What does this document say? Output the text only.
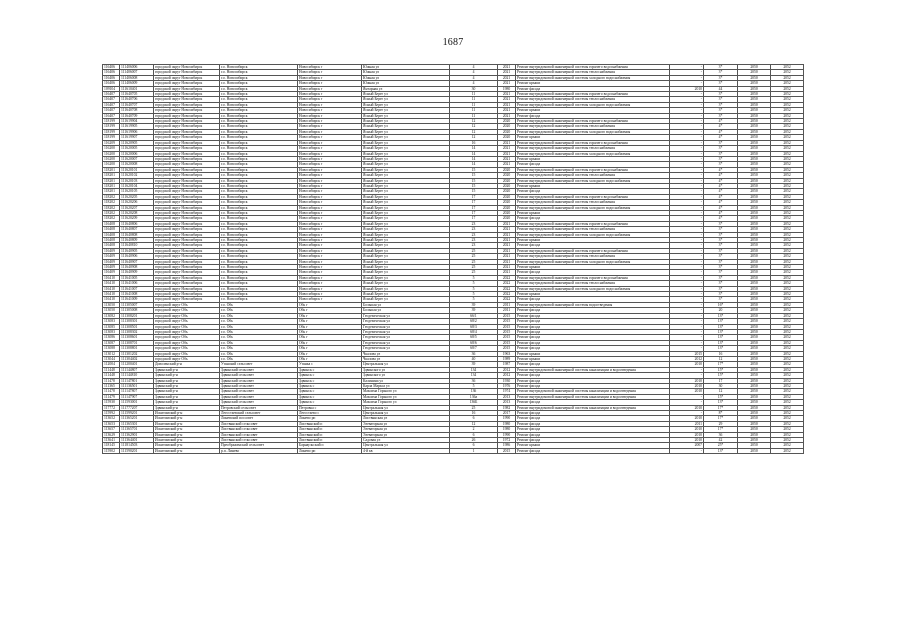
1687
116406	111406006	городской округ Новосибирск	г.о. Новосибирск	Новосибирск г	Южная ул	4	2021	Ремонт внутридомовой инженерной системы горячего водоснабжения	-	3*	2050	2052
116406	111406007	городской округ Новосибирск	г.о. Новосибирск	Новосибирск г	Южная ул	4	2021	Ремонт внутридомовой инженерной системы теплоснабжения	-	3*	2050	2052
116406	111406008	городской округ Новосибирск	г.о. Новосибирск	Новосибирск г	Южная ул	4	2021	Ремонт внутридомовой инженерной системы холодного водоснабжения	-	3*	2050	2052
116406	111406009	городской округ Новосибирск	г.о. Новосибирск	Новосибирск г	Южная ул	4	2021	Ремонт крыши	-	3*	2050	2052
109104	111610401	городской округ Новосибирск	г.о. Новосибирск	Новосибирск г	Янтарная ул	30	1980	Ремонт фасада	2010	44	2050	2052
116407	111640705	городской округ Новосибирск	г.о. Новосибирск	Новосибирск г	Ясный Берег ул	11	2021	Ремонт внутридомовой инженерной системы горячего водоснабжения	-	3*	2050	2052
116407	111640706	городской округ Новосибирск	г.о. Новосибирск	Новосибирск г	Ясный Берег ул	11	2021	Ремонт внутридомовой инженерной системы теплоснабжения	-	3*	2050	2052
116407	111640707	городской округ Новосибирск	г.о. Новосибирск	Новосибирск г	Ясный Берег ул	11	2021	Ремонт внутридомовой инженерной системы холодного водоснабжения	-	3*	2050	2052
116407	111640708	городской округ Новосибирск	г.о. Новосибирск	Новосибирск г	Ясный Берег ул	11	2021	Ремонт крыши	-	3*	2050	2052
116407	111640709	городской округ Новосибирск	г.о. Новосибирск	Новосибирск г	Ясный Берег ул	11	2021	Ремонт фасада	-	3*	2050	2052
118199	111619904	городской округ Новосибирск	г.о. Новосибирск	Новосибирск г	Ясный Берег ул	12	2020	Ремонт внутридомовой инженерной системы горячего водоснабжения	-	4*	2050	2052
118199	111619905	городской округ Новосибирск	г.о. Новосибирск	Новосибирск г	Ясный Берег ул	12	2020	Ремонт внутридомовой инженерной системы теплоснабжения	-	4*	2050	2052
118199	111619906	городской округ Новосибирск	г.о. Новосибирск	Новосибирск г	Ясный Берег ул	12	2020	Ремонт внутридомовой инженерной системы холодного водоснабжения	-	4*	2050	2052
118199	111619907	городской округ Новосибирск	г.о. Новосибирск	Новосибирск г	Ясный Берег ул	12	2020	Ремонт крыши	-	4*	2050	2052
116209	111620905	городской округ Новосибирск	г.о. Новосибирск	Новосибирск г	Ясный Берег ул	16	2021	Ремонт внутридомовой инженерной системы горячего водоснабжения	-	3*	2050	2052
116200	111620005	городской округ Новосибирск	г.о. Новосибирск	Новосибирск г	Ясный Берег ул	14	2021	Ремонт внутридомовой инженерной системы теплоснабжения	-	3*	2050	2052
116200	111620006	городской округ Новосибирск	г.о. Новосибирск	Новосибирск г	Ясный Берег ул	14	2021	Ремонт внутридомовой инженерной системы холодного водоснабжения	-	3*	2050	2052
116200	111620007	городской округ Новосибирск	г.о. Новосибирск	Новосибирск г	Ясный Берег ул	14	2021	Ремонт крыши	-	3*	2050	2052
116200	111620008	городской округ Новосибирск	г.о. Новосибирск	Новосибирск г	Ясный Берег ул	14	2021	Ремонт фасада	-	3*	2050	2052
118201	111620101	городской округ Новосибирск	г.о. Новосибирск	Новосибирск г	Ясный Берег ул	15	2020	Ремонт внутридомовой инженерной системы горячего водоснабжения	-	4*	2050	2052
118201	111620102	городской округ Новосибирск	г.о. Новосибирск	Новосибирск г	Ясный Берег ул	15	2020	Ремонт внутридомовой инженерной системы теплоснабжения	-	4*	2050	2052
118201	111620103	городской округ Новосибирск	г.о. Новосибирск	Новосибирск г	Ясный Берег ул	15	2020	Ремонт внутридомовой инженерной системы холодного водоснабжения	-	4*	2050	2052
118201	111620104	городской округ Новосибирск	г.о. Новосибирск	Новосибирск г	Ясный Берег ул	15	2020	Ремонт крыши	-	4*	2050	2052
118201	111620105	городской округ Новосибирск	г.о. Новосибирск	Новосибирск г	Ясный Берег ул	15	2020	Ремонт фасада	-	4*	2050	2052
118202	111620205	городской округ Новосибирск	г.о. Новосибирск	Новосибирск г	Ясный Берег ул	17	2020	Ремонт внутридомовой инженерной системы горячего водоснабжения	-	4*	2050	2052
118202	111620206	городской округ Новосибирск	г.о. Новосибирск	Новосибирск г	Ясный Берег ул	17	2020	Ремонт внутридомовой инженерной системы теплоснабжения	-	4*	2050	2052
118202	111620207	городской округ Новосибирск	г.о. Новосибирск	Новосибирск г	Ясный Берег ул	17	2020	Ремонт внутридомовой инженерной системы холодного водоснабжения	-	4*	2050	2052
118202	111620208	городской округ Новосибирск	г.о. Новосибирск	Новосибирск г	Ясный Берег ул	17	2020	Ремонт крыши	-	4*	2050	2052
118202	111620209	городской округ Новосибирск	г.о. Новосибирск	Новосибирск г	Ясный Берег ул	17	2020	Ремонт фасада	-	4*	2050	2052
116408	111640806	городской округ Новосибирск	г.о. Новосибирск	Новосибирск г	Ясный Берег ул	23	2021	Ремонт внутридомовой инженерной системы горячего водоснабжения	-	3*	2050	2052
116408	111640807	городской округ Новосибирск	г.о. Новосибирск	Новосибирск г	Ясный Берег ул	23	2021	Ремонт внутридомовой инженерной системы теплоснабжения	-	3*	2050	2052
116408	111640808	городской округ Новосибирск	г.о. Новосибирск	Новосибирск г	Ясный Берег ул	23	2021	Ремонт внутридомовой инженерной системы холодного водоснабжения	-	3*	2050	2052
116408	111640809	городской округ Новосибирск	г.о. Новосибирск	Новосибирск г	Ясный Берег ул	23	2021	Ремонт крыши	-	3*	2050	2052
116408	111640810	городской округ Новосибирск	г.о. Новосибирск	Новосибирск г	Ясный Берег ул	23	2021	Ремонт фасада	-	3*	2050	2052
116409	111640905	городской округ Новосибирск	г.о. Новосибирск	Новосибирск г	Ясный Берег ул	25	2021	Ремонт внутридомовой инженерной системы горячего водоснабжения	-	3*	2050	2052
116409	111640906	городской округ Новосибирск	г.о. Новосибирск	Новосибирск г	Ясный Берег ул	25	2021	Ремонт внутридомовой инженерной системы теплоснабжения	-	3*	2050	2052
116409	111640907	городской округ Новосибирск	г.о. Новосибирск	Новосибирск г	Ясный Берег ул	25	2021	Ремонт внутридомовой инженерной системы холодного водоснабжения	-	3*	2050	2052
116409	111640908	городской округ Новосибирск	г.о. Новосибирск	Новосибирск г	Ясный Берег ул	25	2021	Ремонт крыши	-	3*	2050	2052
116409	111640909	городской округ Новосибирск	г.о. Новосибирск	Новосибирск г	Ясный Берег ул	25	2021	Ремонт фасада	-	3*	2050	2052
116410	111641005	городской округ Новосибирск	г.о. Новосибирск	Новосибирск г	Ясный Берег ул	5	2022	Ремонт внутридомовой инженерной системы горячего водоснабжения	-	3*	2050	2052
116410	111641006	городской округ Новосибирск	г.о. Новосибирск	Новосибирск г	Ясный Берег ул	5	2022	Ремонт внутридомовой инженерной системы теплоснабжения	-	3*	2050	2052
116410	111641007	городской округ Новосибирск	г.о. Новосибирск	Новосибирск г	Ясный Берег ул	5	2022	Ремонт внутридомовой инженерной системы холодного водоснабжения	-	3*	2050	2052
116410	111641008	городской округ Новосибирск	г.о. Новосибирск	Новосибирск г	Ясный Берег ул	5	2022	Ремонт крыши	-	3*	2050	2052
116410	111641009	городской округ Новосибирск	г.о. Новосибирск	Новосибирск г	Ясный Берег ул	5	2022	Ремонт фасада	-	3*	2050	2052
113050	111305007	городской округ Обь	г.о. Обь	Обь г	Большая ул	39	2011	Ремонт внутридомовой инженерной системы водоотведения	-	16*	2050	2052
113050	111305008	городской округ Обь	г.о. Обь	Обь г	Большая ул	39	2011	Ремонт фасада	-	20	2050	2052
113082	111308201	городской округ Обь	г.о. Обь	Обь г	Геодезическая ул	66/1	2015	Ремонт фасада	-	13*	2050	2052
113083	111308301	городской округ Обь	г.о. Обь	Обь г	Геодезическая ул	68/2	2015	Ремонт фасада	-	13*	2050	2052
113085	111308501	городской округ Обь	г.о. Обь	Обь г	Геодезическая ул	68/3	2015	Ремонт фасада	-	13*	2050	2052
113083	111308302	городской округ Обь	г.о. Обь	Обь г	Геодезическая ул	68/4	2015	Ремонт фасада	-	13*	2050	2052
113086	111308601	городской округ Обь	г.о. Обь	Обь г	Геодезическая ул	68/5	2015	Ремонт фасада	-	13*	2050	2052
113087	111308701	городской округ Обь	г.о. Обь	Обь г	Геодезическая ул	68/6	2015	Ремонт фасада	-	13*	2050	2052
113088	111308801	городской округ Обь	г.о. Обь	Обь г	Геодезическая ул	68/7	2015	Ремонт фасада	-	13*	2050	2052
113012	111301202	городской округ Обь	г.о. Обь	Обь г	Чкалова ул	36	1963	Ремонт крыши	2015	16	2050	2052
113044	111304402	городской округ Обь	г.о. Обь	Обь г	Чкалова ул	40	1989	Ремонт крыши	2012	12	2050	2052
112004	111200401	Доволенский р-н	Утянский сельсовет	Утянка с	Центральная ул	39	1987	Ремонт фасада	2010	17*	2050	2052
111448	111144807	Здвинский р-н	Здвинский сельсовет	Здвинск с	Здвинского ул	134	2012	Ремонт внутридомовой инженерной системы канализации и водоотведения	-	15*	2050	2052
111448	111144810	Здвинский р-н	Здвинский сельсовет	Здвинск с	Здвинского ул	134	2012	Ремонт фасада	-	15*	2050	2052
111478	111147801	Здвинский р-н	Здвинский сельсовет	Здвинск с	Калинина ул	36	1930	Ремонт фасада	2010	17	2050	2052
111365	111136501	Здвинский р-н	Здвинский сельсовет	Здвинск с	Карла Маркса ул	5	1976	Ремонт фасада	2010	30	2050	2052
111478	111147807	Здвинский р-н	Здвинский сельсовет	Здвинск с	Максима Горького ул	136	1974	Ремонт внутридомовой инженерной системы канализации и водоотведения	2010	12	2050	2052
111479	111147907	Здвинский р-н	Здвинский сельсовет	Здвинск с	Максима Горького ул	136а	2013	Ремонт внутридомовой инженерной системы канализации и водоотведения	-	15*	2050	2052
115930	111593001	Здвинский р-н	Здвинский сельсовет	Здвинск с	Максима Горького ул	136Б	2013	Ремонт фасада	-	13*	2050	2052
117772	111777207	Здвинский р-н	Петровский сельсовет	Петровка с	Центральная ул	25	1982	Ремонт внутридомовой инженерной системы канализации и водоотведения	2010	17*	2050	2052
115992	111599201	Искитимский р-н	Легостаевский сельсовет	Легостаево с	Центральная ул	16	2017	Ремонт фасада	-	8*	2050	2052
113652	111365201	Искитимский р-н	Линевский поссовет	Линево рп	Листвянская ул	6	1990	Ремонт фасада	2010	17*	2050	2052
113653	111365301	Искитимский р-н	Листвянский сельсовет	Листвянский п	Элеваторная ул	12	1980	Ремонт фасада	2011	29	2050	2052
113657	111365701	Искитимский р-н	Листвянский сельсовет	Листвянский п	Элеваторная ул	2	1980	Ремонт фасада	2010	17*	2050	2052
113629	111362901	Искитимский р-н	Листвянский сельсовет	Листвянский п	Элеваторная ул	6	1990	Ремонт фасада	2010	36	2050	2052
113641	111364401	Искитимский р-н	Листвянский сельсовет	Листвянский п	Садовая ул	26	1972	Ремонт фасада	2010	42	2050	2052
118145	111814503	Искитимский р-н	Преображенский сельсовет	Барнаульский п	Центральная ул	6	1986	Ремонт крыши	2007	25*	2050	2052
115902	111590201	Искитимский р-н	р.п. Линево	Линево рп	4-й кв	1	2015	Ремонт фасада	-	13*	2050	2052
